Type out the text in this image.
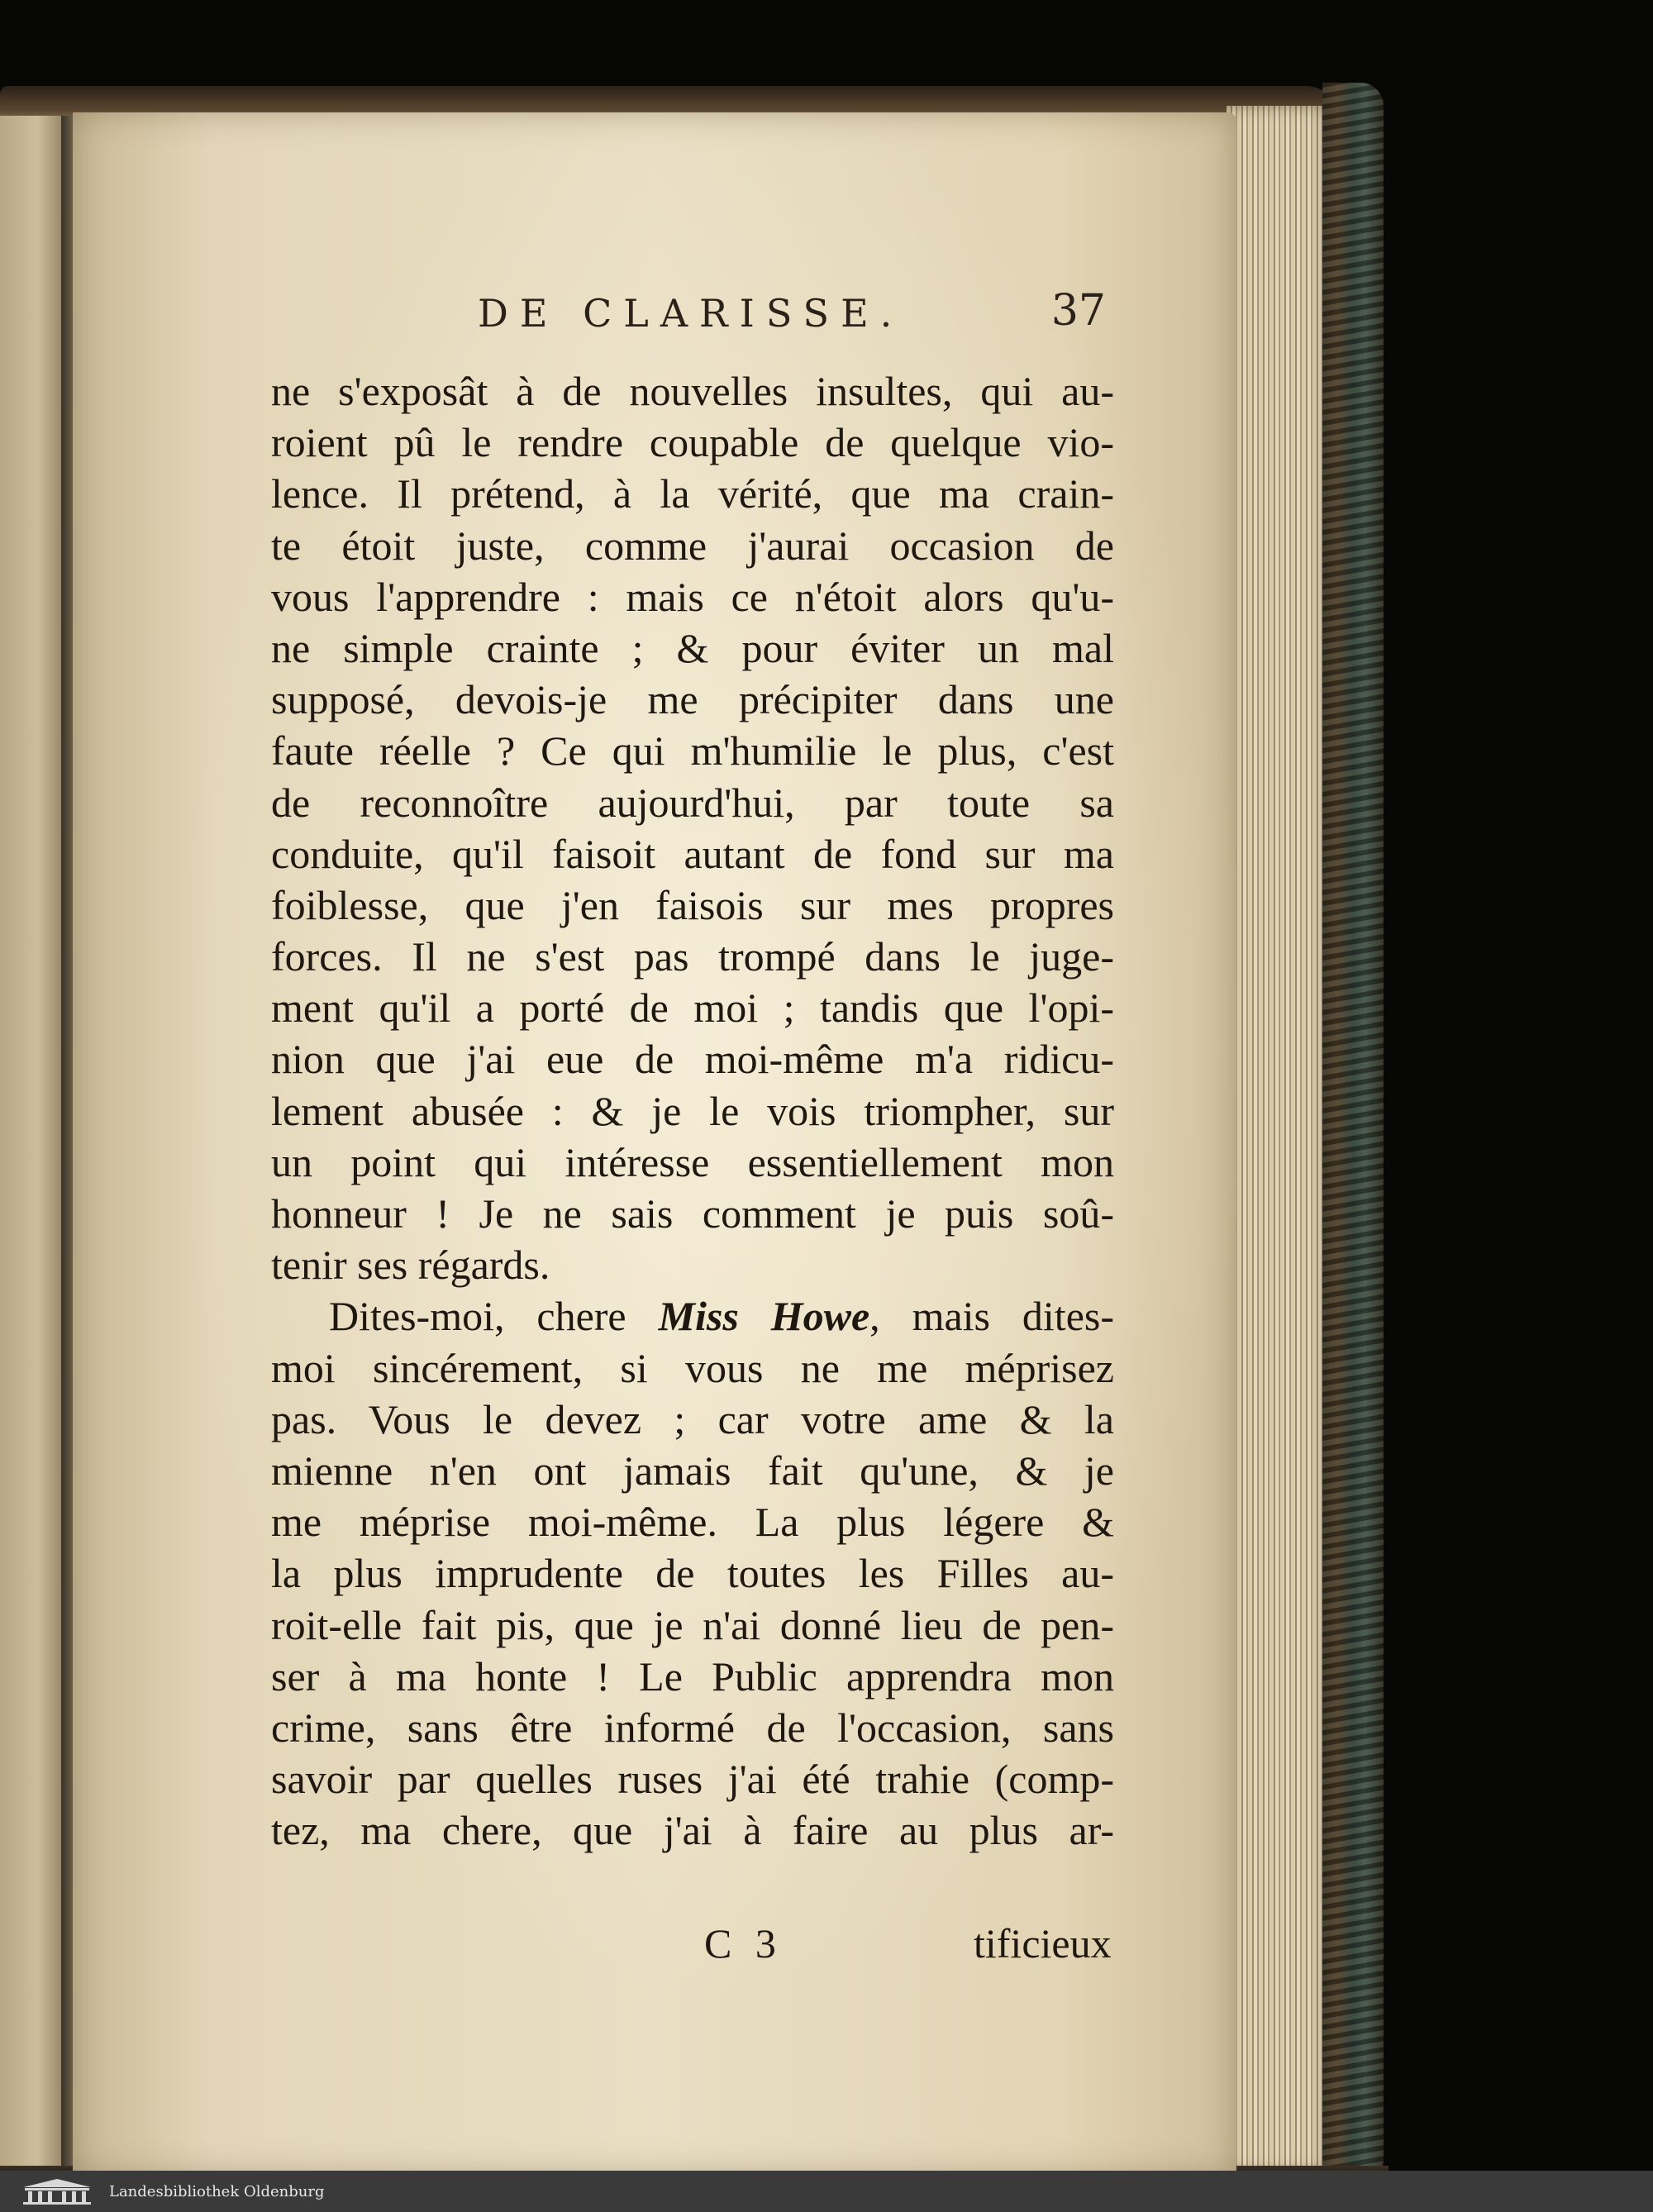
DE CLARISSE.	37
ne s'exposât à de nouvelles insultes, qui au-
roient pû le rendre coupable de quelque vio-
lence. Il prétend, à la vérité, que ma crain-
te étoit juste, comme j'aurai occasion de
vous l'apprendre : mais ce n'étoit alors qu'u-
ne simple crainte ; & pour éviter un mal
supposé, devois-je me précipiter dans une
faute réelle ? Ce qui m'humilie le plus, c'est
de reconnoître aujourd'hui, par toute sa
conduite, qu'il faisoit autant de fond sur ma
foiblesse, que j'en faisois sur mes propres
forces. Il ne s'est pas trompé dans le juge-
ment qu'il a porté de moi ; tandis que l'opi-
nion que j'ai eue de moi-même m'a ridicu-
lement abusée : & je le vois triompher, sur
un point qui intéresse essentiellement mon
honneur ! Je ne sais comment je puis soû-
tenir ses régards.
Dites-moi, chere Miss Howe, mais dites-
moi sincérement, si vous ne me méprisez
pas. Vous le devez ; car votre ame & la
mienne n'en ont jamais fait qu'une, & je
me méprise moi-même. La plus légere &
la plus imprudente de toutes les Filles au-
roit-elle fait pis, que je n'ai donné lieu de pen-
ser à ma honte ! Le Public apprendra mon
crime, sans être informé de l'occasion, sans
savoir par quelles ruses j'ai été trahie (comp-
tez, ma chere, que j'ai à faire au plus ar-
C 3	tificieux
Landesbibliothek Oldenburg
